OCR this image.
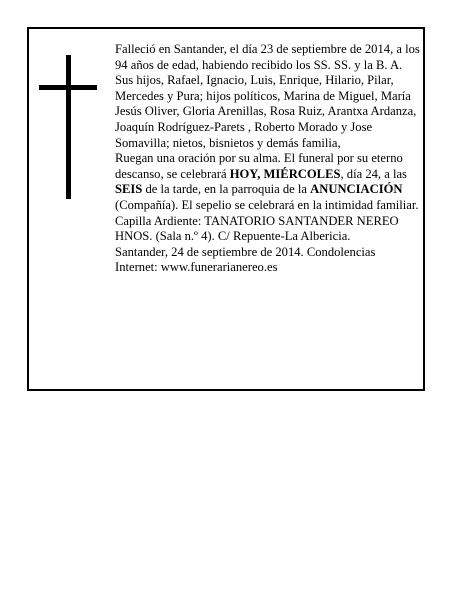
Falleció en Santander, el día 23 de septiembre de 2014, a los 94 años de edad, habiendo recibido los SS. SS. y la B. A.

Sus hijos, Rafael, Ignacio, Luis, Enrique, Hilario, Pilar, Mercedes y Pura; hijos políticos, Marina de Miguel, María Jesús Oliver, Gloria Arenillas, Rosa Ruiz, Arantxa Ardanza, Joaquín Rodríguez-Parets , Roberto Morado y Jose Somavilla; nietos, bisnietos y demás familia,

Ruegan una oración por su alma. El funeral por su eterno descanso, se celebrará HOY, MIÉRCOLES, día 24, a las SEIS de la tarde, en la parroquia de la ANUNCIACIÓN (Compañía). El sepelio se celebrará en la intimidad familiar. Capilla Ardiente: TANATORIO SANTANDER NEREO HNOS. (Sala n.º 4). C/ Repuente-La Albericia.

Santander, 24 de septiembre de 2014. Condolencias Internet: www.funerarianereo.es
